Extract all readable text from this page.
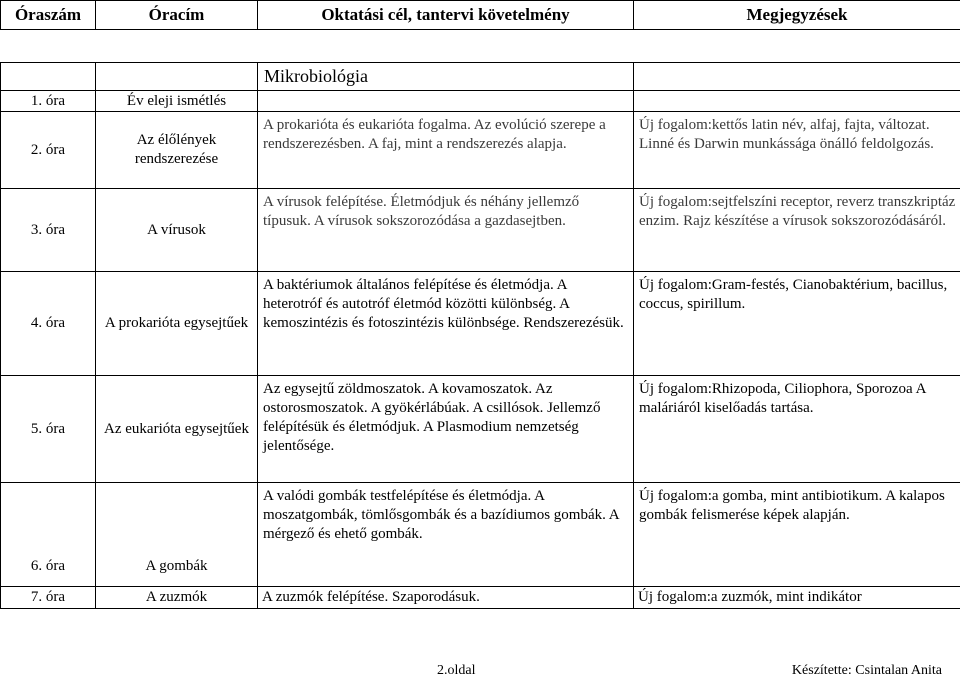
Óraszám	Óracím	Oktatási cél, tantervi követelmény	Megjegyzések
		Mikrobiológia	
1. óra	Év eleji ismétlés		
2. óra	Az élőlények rendszerezése	A prokarióta és eukarióta fogalma. Az evolúció szerepe a rendszerezésben. A faj, mint a rendszerezés alapja.	Új fogalom:kettős latin név, alfaj, fajta, változat. Linné és Darwin munkássága önálló feldolgozás.
3. óra	A vírusok	A vírusok felépítése. Életmódjuk és néhány jellemző típusuk. A vírusok sokszorozódása a gazdasejtben.	Új fogalom:sejtfelszíni receptor, reverz transzkriptáz enzim. Rajz készítése a vírusok sokszorozódásáról.
4. óra	A prokarióta egysejtűek	A baktériumok általános felépítése és életmódja. A heterotróf és autotróf életmód közötti különbség. A kemoszintézis és fotoszintézis különbsége. Rendszerezésük.	Új fogalom:Gram-festés, Cianobaktérium, bacillus, coccus, spirillum.
5. óra	Az eukarióta egysejtűek	Az egysejtű zöldmoszatok. A kovamoszatok. Az ostorosmoszatok. A gyökérlábúak. A csillósok. Jellemző felépítésük és életmódjuk. A Plasmodium nemzetség jelentősége.	Új fogalom:Rhizopoda, Ciliophora, Sporozoa A maláriáról kiselőadás tartása.
6. óra	A gombák	A valódi gombák testfelépítése és életmódja. A moszatgombák, tömlősgombák és a bazídiumos gombák. A mérgező és ehető gombák.	Új fogalom:a gomba, mint antibiotikum. A kalapos gombák felismerése képek alapján.
7. óra	A zuzmók	A zuzmók felépítése. Szaporodásuk.	Új fogalom:a zuzmók, mint indikátor
2.oldal	Készítette: Csintalan Anita
